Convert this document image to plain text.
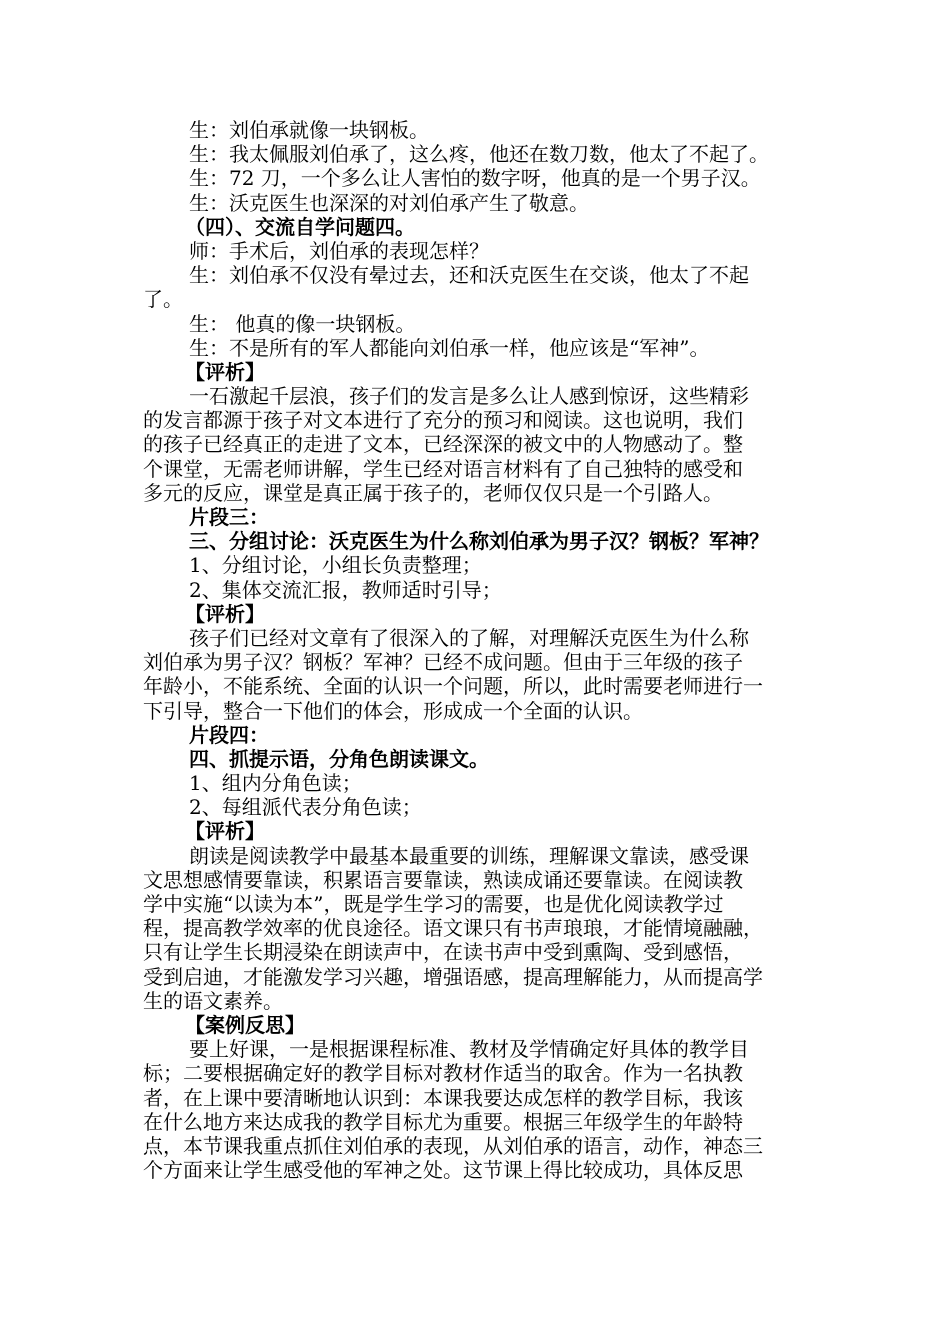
生：刘伯承就像一块钢板。
生：我太佩服刘伯承了，这么疼，他还在数刀数，他太了不起了。
生：72 刀，一个多么让人害怕的数字呀，他真的是一个男子汉。
生：沃克医生也深深的对刘伯承产生了敬意。
（四）、交流自学问题四。
师：手术后，刘伯承的表现怎样？
生：刘伯承不仅没有晕过去，还和沃克医生在交谈，他太了不起
了。
生： 他真的像一块钢板。
生：不是所有的军人都能向刘伯承一样，他应该是“军神”。
【评析】
一石激起千层浪，孩子们的发言是多么让人感到惊讶，这些精彩
的发言都源于孩子对文本进行了充分的预习和阅读。这也说明，我们
的孩子已经真正的走进了文本，已经深深的被文中的人物感动了。整
个课堂，无需老师讲解，学生已经对语言材料有了自己独特的感受和
多元的反应，课堂是真正属于孩子的，老师仅仅只是一个引路人。
片段三：
三、分组讨论：沃克医生为什么称刘伯承为男子汉？钢板？军神？
1、分组讨论，小组长负责整理；
2、集体交流汇报，教师适时引导；
【评析】
孩子们已经对文章有了很深入的了解，对理解沃克医生为什么称
刘伯承为男子汉？钢板？军神？已经不成问题。但由于三年级的孩子
年龄小，不能系统、全面的认识一个问题，所以，此时需要老师进行一
下引导，整合一下他们的体会，形成成一个全面的认识。
片段四：
四、抓提示语，分角色朗读课文。
1、组内分角色读；
2、每组派代表分角色读；
【评析】
朗读是阅读教学中最基本最重要的训练，理解课文靠读，感受课
文思想感情要靠读，积累语言要靠读，熟读成诵还要靠读。在阅读教
学中实施“以读为本”，既是学生学习的需要，也是优化阅读教学过
程，提高教学效率的优良途径。语文课只有书声琅琅，才能情境融融，
只有让学生长期浸染在朗读声中，在读书声中受到熏陶、受到感悟，
受到启迪，才能激发学习兴趣，增强语感，提高理解能力，从而提高学
生的语文素养。
【案例反思】
要上好课，一是根据课程标准、教材及学情确定好具体的教学目
标；二要根据确定好的教学目标对教材作适当的取舍。作为一名执教
者，在上课中要清晰地认识到：本课我要达成怎样的教学目标，我该
在什么地方来达成我的教学目标尤为重要。根据三年级学生的年龄特
点，本节课我重点抓住刘伯承的表现，从刘伯承的语言，动作，神态三
个方面来让学生感受他的军神之处。这节课上得比较成功，具体反思
